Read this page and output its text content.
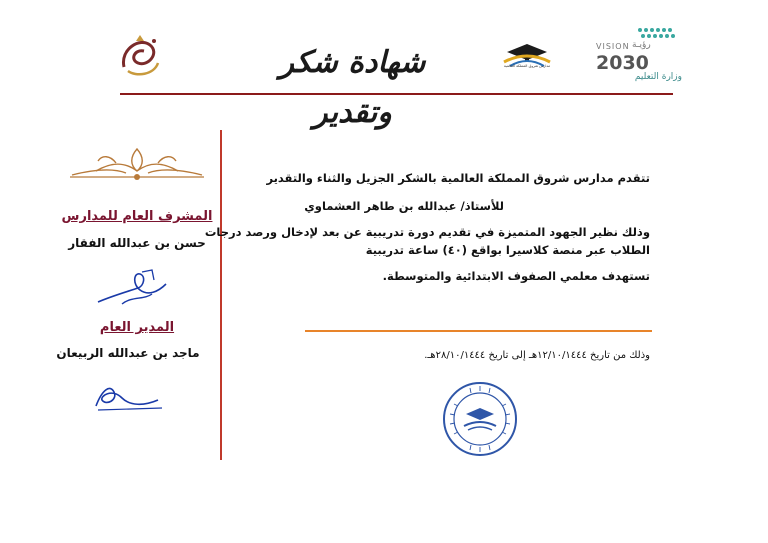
شهادة شكر وتقدير
مدارس شروق المملكة العالمية
رؤيـة
VISION
2030
وزارة التعليم
المشرف العام للمدارس
حسن بن عبدالله الفقار
المدير العام
ماجد بن عبدالله الربيعان
تتقدم مدارس شروق المملكة العالمية بالشكر الجزيل والثناء والتقدير
للأستاذ/ عبدالله بن طاهر العشماوي
وذلك نظير الجهود المتميزة في تقديم دورة تدريبية عن بعد لإدخال ورصد درجات
الطلاب عبر منصة كلاسيرا بواقع (٤٠) ساعة تدريبية
تستهدف معلمي الصفوف الابتدائية والمتوسطة.
وذلك من تاريخ ١٢/١٠/١٤٤٤هـ إلى تاريخ ٢٨/١٠/١٤٤٤هـ.
